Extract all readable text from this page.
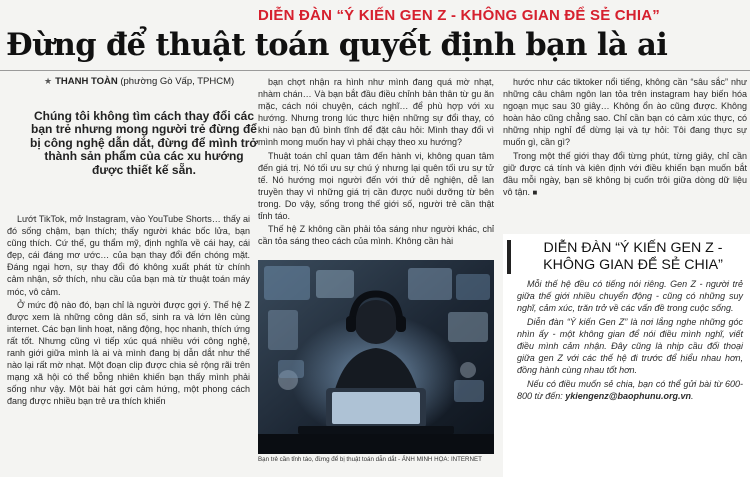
DIỄN ĐÀN “Ý KIẾN GEN Z - KHÔNG GIAN ĐỂ SẺ CHIA”
Đừng để thuật toán quyết định bạn là ai
★ THANH TOÀN (phường Gò Vấp, TPHCM)
Chúng tôi không tìm cách thay đổi các bạn trẻ nhưng mong người trẻ đừng để bị công nghệ dẫn dắt, đừng để mình trở thành sản phẩm của các xu hướng được thiết kế sẵn.

Lướt TikTok, mở Instagram, vào YouTube Shorts… thấy ai đó sống chậm, bạn thích; thấy người khác bốc lửa, bạn cũng thích. Cứ thế, gu thẩm mỹ, định nghĩa về cái hay, cái đẹp, cái đáng mơ ước… của bạn thay đổi đến chóng mặt. Đáng ngại hơn, sự thay đổi đó không xuất phát từ chính cảm nhận, sở thích, nhu cầu của bạn mà từ thuật toán máy móc, vô cảm.

Ở mức độ nào đó, bạn chỉ là người được gợi ý. Thế hệ Z được xem là những công dân số, sinh ra và lớn lên cùng internet. Các bạn linh hoạt, năng động, học nhanh, thích ứng rất tốt. Nhưng cũng vì tiếp xúc quá nhiều với công nghệ, ranh giới giữa mình là ai và mình đang bị dẫn dắt như thế nào lại rất mờ nhạt. Một đoạn clip được chia sẻ rộng rãi trên mạng xã hội có thể bỗng nhiên khiến bạn thấy mình phải sống như vậy. Một bài hát gợi cảm hứng, một phong cách đang được nhiều bạn trẻ ưa thích khiến

bạn chợt nhận ra hình như mình đang quá mờ nhạt, nhàm chán… Và bạn bắt đầu điều chỉnh bản thân từ gu ăn mặc, cách nói chuyện, cách nghĩ… để phù hợp với xu hướng. Nhưng trong lúc thực hiện những sự đổi thay, có khi nào bạn đủ bình tĩnh để đặt câu hỏi: Mình thay đổi vì mình mong muốn hay vì phải chạy theo xu hướng?

Thuật toán chỉ quan tâm đến hành vi, không quan tâm đến giá trị. Nó tối ưu sự chú ý nhưng lại quên tối ưu sự tử tế. Nó hướng mọi người đến với thứ dễ nghiện, dễ lan truyền thay vì những giá trị cần được nuôi dưỡng từ bên trong. Do vậy, sống trong thế giới số, người trẻ cần thật tỉnh táo.

Thế hệ Z không cần phải tỏa sáng như người khác, chỉ cần tỏa sáng theo cách của mình. Không cần hài

Bạn trẻ cần tỉnh táo, đừng để bị thuật toán dẫn dắt - ẢNH MINH HỌA: INTERNET

hước như các tiktoker nổi tiếng, không cần “sâu sắc” như những câu châm ngôn lan tỏa trên instagram hay biến hóa ngoạn mục sau 30 giây… Không ổn ào cũng được. Không hoàn hảo cũng chẳng sao. Chỉ cần bạn có cảm xúc thực, có những nhịp nghỉ để dừng lại và tự hỏi: Tôi đang thực sự muốn gì, cần gì?

Trong một thế giới thay đổi từng phút, từng giây, chỉ cần giữ được cá tính và kiên định với điều khiến bạn muốn bắt đầu mỗi ngày, bạn sẽ không bị cuốn trôi giữa dòng dữ liệu vô tận. ■

DIỄN ĐÀN “Ý KIẾN GEN Z - KHÔNG GIAN ĐỂ SẺ CHIA”

Mỗi thế hệ đều có tiếng nói riêng. Gen Z - người trẻ giữa thế giới nhiều chuyển động - cũng có những suy nghĩ, cảm xúc, trăn trở về các vấn đề trong cuộc sống.

Diễn đàn “Ý kiến Gen Z” là nơi lắng nghe những góc nhìn ấy - một không gian để nói điều mình nghĩ, viết điều mình cảm nhận. Đây cũng là nhịp cầu đối thoại giữa gen Z với các thế hệ đi trước để hiểu nhau hơn, đồng hành cùng nhau tốt hơn.

Nếu có điều muốn sẻ chia, bạn có thể gửi bài từ 600-800 từ đến: ykiengenz@baophunu.org.vn.
